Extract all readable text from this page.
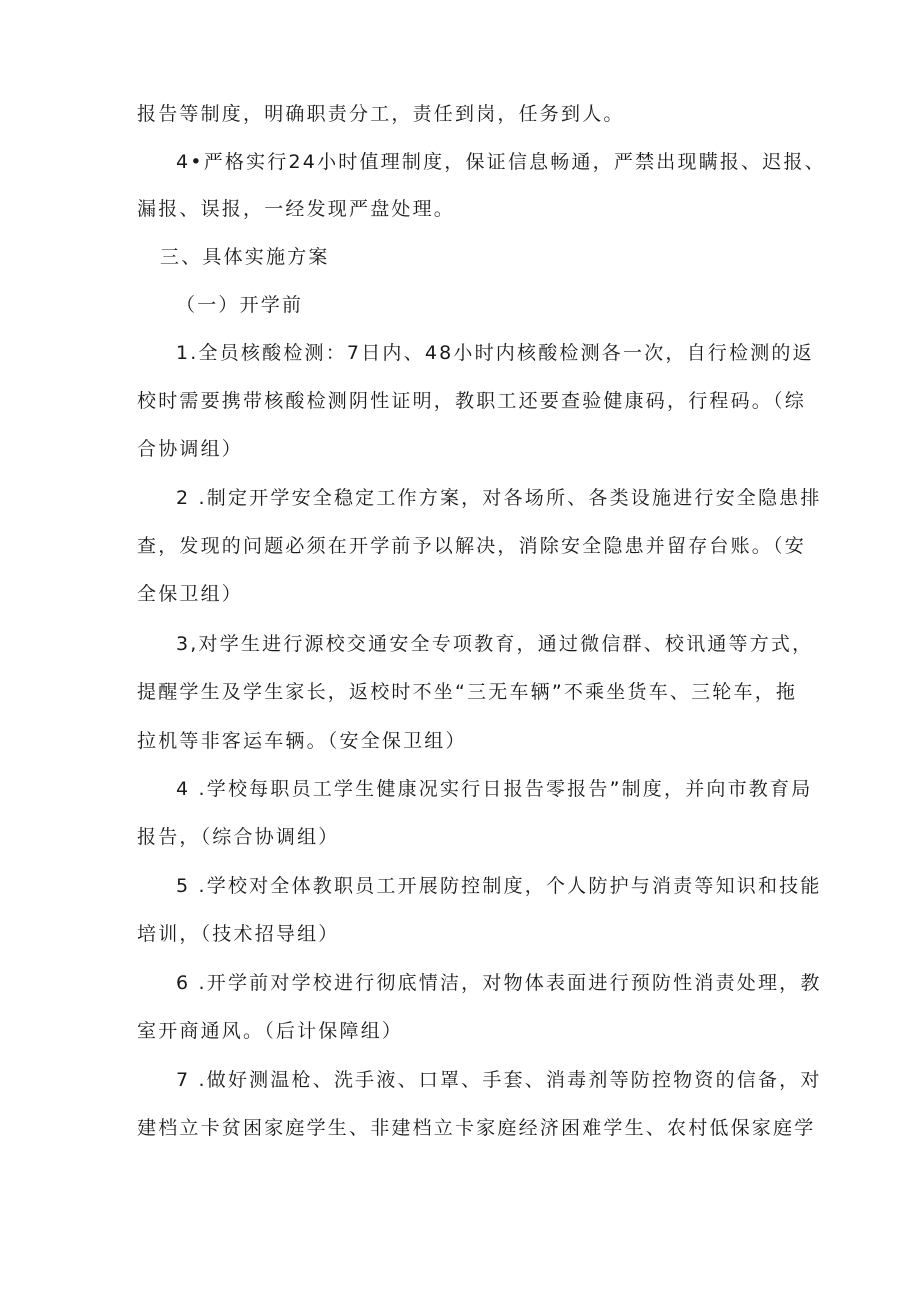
报告等制度，明确职责分工，责任到岗，任务到人。
4•严格实行24小时值理制度，保证信息畅通，严禁出现瞒报、迟报、
漏报、误报，一经发现严盘处理。
三、具体实施方案
（一）开学前
1.全员核酸检测：7日内、48小时内核酸检测各一次，自行检测的返
校时需要携带核酸检测阴性证明，教职工还要查验健康码，行程码。（综
合协调组）
2 .制定开学安全稳定工作方案，对各场所、各类设施进行安全隐患排
查，发现的问题必须在开学前予以解决，消除安全隐患并留存台账。（安
全保卫组）
3,对学生进行源校交通安全专项教育，通过微信群、校讯通等方式，
提醒学生及学生家长，返校时不坐“三无车辆”不乘坐货车、三轮车，拖
拉机等非客运车辆。（安全保卫组）
4 .学校每职员工学生健康况实行日报告零报告”制度，并向市教育局
报告，（综合协调组）
5 .学校对全体教职员工开展防控制度，个人防护与消责等知识和技能
培训，（技术招导组）
6 .开学前对学校进行彻底情洁，对物体表面进行预防性消责处理，教
室开商通风。（后计保障组）
7 .做好测温枪、洗手液、口罩、手套、消毒剂等防控物资的信备，对
建档立卡贫困家庭学生、非建档立卡家庭经济困难学生、农村低保家庭学
